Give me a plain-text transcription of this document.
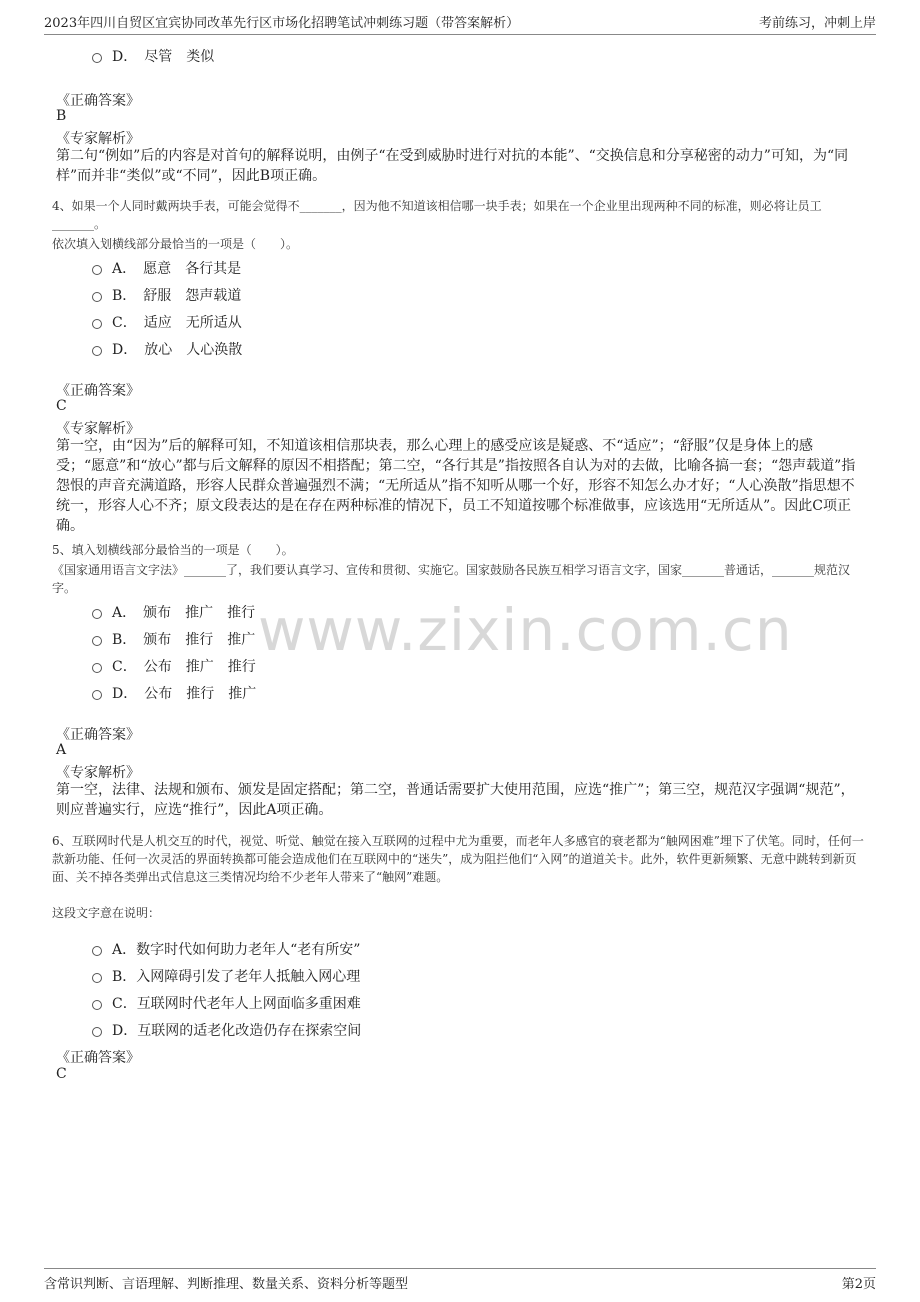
2023年四川自贸区宜宾协同改革先行区市场化招聘笔试冲刺练习题（带答案解析）	考前练习，冲刺上岸
www.zixin.com.cn
D．　尽管　类似
《正确答案》
B
《专家解析》
第二句“例如”后的内容是对首句的解释说明，由例子“在受到威胁时进行对抗的本能”、“交换信息和分享秘密的动力”可知，为“同样”而并非“类似”或“不同”，因此B项正确。
4、如果一个人同时戴两块手表，可能会觉得不_______，因为他不知道该相信哪一块手表；如果在一个企业里出现两种不同的标准，则必将让员工_______。
依次填入划横线部分最恰当的一项是（　　）。
A．　愿意　各行其是
B．　舒服　怨声载道
C．　适应　无所适从
D．　放心　人心涣散
《正确答案》
C
《专家解析》
第一空，由“因为”后的解释可知，不知道该相信那块表，那么心理上的感受应该是疑惑、不“适应”；“舒服”仅是身体上的感受；“愿意”和“放心”都与后文解释的原因不相搭配；第二空，“各行其是”指按照各自认为对的去做，比喻各搞一套；“怨声载道”指怨恨的声音充满道路，形容人民群众普遍强烈不满；“无所适从”指不知听从哪一个好，形容不知怎么办才好；“人心涣散”指思想不统一，形容人心不齐；原文段表达的是在存在两种标准的情况下，员工不知道按哪个标准做事，应该选用“无所适从”。因此C项正确。
5、填入划横线部分最恰当的一项是（　　）。
《国家通用语言文字法》_______了，我们要认真学习、宣传和贯彻、实施它。国家鼓励各民族互相学习语言文字，国家_______普通话，_______规范汉字。
A．　颁布　推广　推行
B．　颁布　推行　推广
C．　公布　推广　推行
D．　公布　推行　推广
《正确答案》
A
《专家解析》
第一空，法律、法规和颁布、颁发是固定搭配；第二空，普通话需要扩大使用范围，应选“推广”；第三空，规范汉字强调“规范”，则应普遍实行，应选“推行”，因此A项正确。
6、互联网时代是人机交互的时代，视觉、听觉、触觉在接入互联网的过程中尤为重要，而老年人多感官的衰老都为“触网困难”埋下了伏笔。同时，任何一款新功能、任何一次灵活的界面转换都可能会造成他们在互联网中的“迷失”，成为阻拦他们“入网”的道道关卡。此外，软件更新频繁、无意中跳转到新页面、关不掉各类弹出式信息这三类情况均给不少老年人带来了“触网”难题。
这段文字意在说明：
A．数字时代如何助力老年人“老有所安”
B．入网障碍引发了老年人抵触入网心理
C．互联网时代老年人上网面临多重困难
D．互联网的适老化改造仍存在探索空间
《正确答案》
C
含常识判断、言语理解、判断推理、数量关系、资料分析等题型	第2页
